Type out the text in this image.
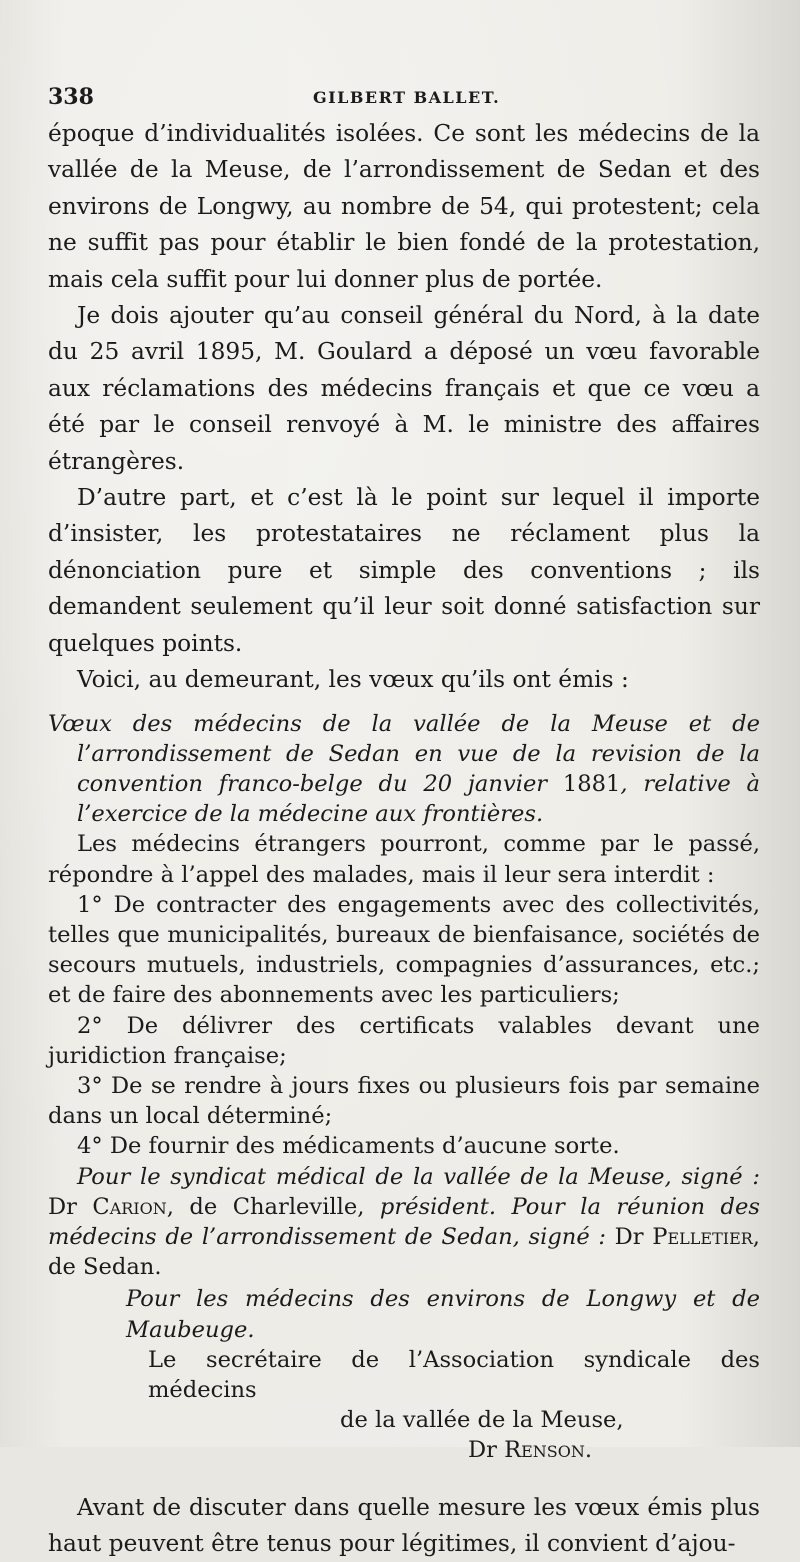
338	GILBERT BALLET.

époque d’individualités isolées. Ce sont les médecins de la vallée de la Meuse, de l’arrondissement de Sedan et des environs de Longwy, au nombre de 54, qui protestent; cela ne suffit pas pour établir le bien fondé de la protestation, mais cela suffit pour lui donner plus de portée.

Je dois ajouter qu’au conseil général du Nord, à la date du 25 avril 1895, M. Goulard a déposé un vœu favorable aux réclamations des médecins français et que ce vœu a été par le conseil renvoyé à M. le ministre des affaires étrangères.

D’autre part, et c’est là le point sur lequel il importe d’insister, les protestataires ne réclament plus la dénonciation pure et simple des conventions ; ils demandent seulement qu’il leur soit donné satisfaction sur quelques points.

Voici, au demeurant, les vœux qu’ils ont émis :

Vœux des médecins de la vallée de la Meuse et de l’arrondissement de Sedan en vue de la revision de la convention franco-belge du 20 janvier 1881, relative à l’exercice de la médecine aux frontières.

Les médecins étrangers pourront, comme par le passé, répondre à l’appel des malades, mais il leur sera interdit :

1° De contracter des engagements avec des collectivités, telles que municipalités, bureaux de bienfaisance, sociétés de secours mutuels, industriels, compagnies d’assurances, etc.; et de faire des abonnements avec les particuliers;

2° De délivrer des certificats valables devant une juridiction française;

3° De se rendre à jours fixes ou plusieurs fois par semaine dans un local déterminé;

4° De fournir des médicaments d’aucune sorte.

Pour le syndicat médical de la vallée de la Meuse, signé : Dr Carion, de Charleville, président. Pour la réunion des médecins de l’arrondissement de Sedan, signé : Dr Pelletier, de Sedan.

Pour les médecins des environs de Longwy et de Maubeuge.

Le secrétaire de l’Association syndicale des médecins

de la vallée de la Meuse,

Dr Renson.

Avant de discuter dans quelle mesure les vœux émis plus haut peuvent être tenus pour légitimes, il convient d’ajou-
